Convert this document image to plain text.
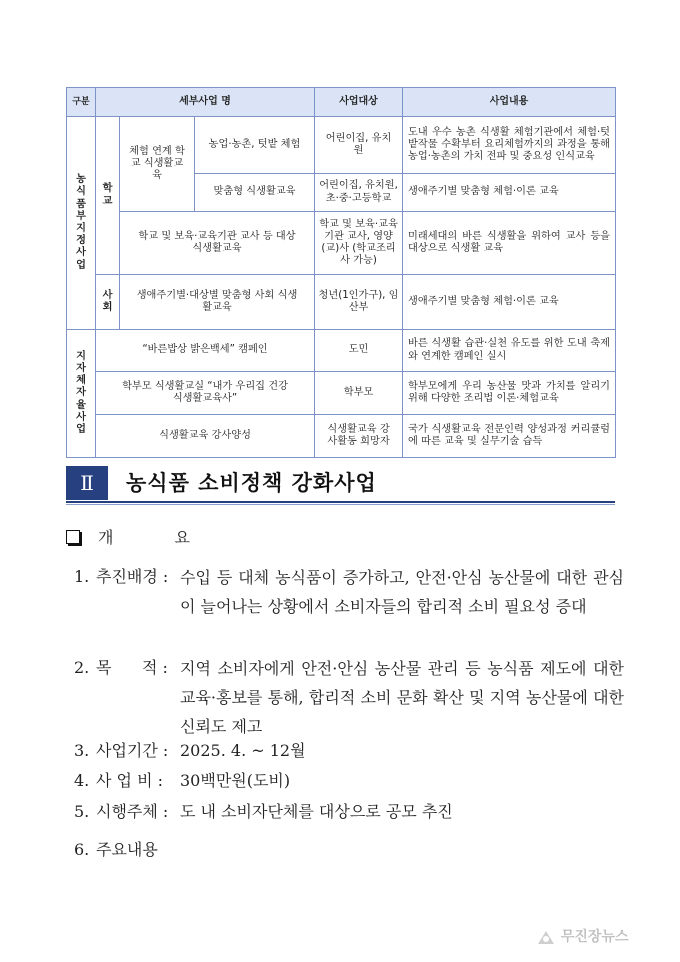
구분	세부사업 명			사업대상	사업내용
농식품부지정사업	학교	체험 연계 학교 식생활교육	농업·농촌, 텃밭 체험	어린이집, 유치원	도내 우수 농촌 식생활 체험기관에서 체험·텃밭작물 수확부터 요리체험까지의 과정을 통해 농업·농촌의 가치 전파 및 중요성 인식교육
			맞춤형 식생활교육	어린이집, 유치원, 초·중·고등학교	생애주기별 맞춤형 체험·이론 교육
		학교 및 보육·교육기관 교사 등 대상 식생활교육		학교 및 보육·교육기관 교사, 영양(교)사 (학교조리사 가능)	미래세대의 바른 식생활을 위하여 교사 등을 대상으로 식생활 교육
	사회	생애주기별·대상별 맞춤형 사회 식생활교육		청년(1인가구), 임산부	생애주기별 맞춤형 체험·이론 교육
지자체자율사업	“바른밥상 밝은백세” 캠페인			도민	바른 식생활 습관·실천 유도를 위한 도내 축제와 연계한 캠페인 실시
	학부모 식생활교실 “내가 우리집 건강식생활교육사”			학부모	학부모에게 우리 농산물 맛과 가치를 알리기 위해 다양한 조리법 이론·체험교육
	식생활교육 강사양성			식생활교육 강사활동 희망자	국가 식생활교육 전문인력 양성과정 커리큘럼에 따른 교육 및 실무기술 습득
Ⅱ	농식품 소비정책 강화사업
개 요
1. 추진배경 : 수입 등 대체 농식품이 증가하고, 안전·안심 농산물에 대한 관심이 늘어나는 상황에서 소비자들의 합리적 소비 필요성 증대
2. 목      적 : 지역 소비자에게 안전·안심 농산물 관리 등 농식품 제도에 대한 교육·홍보를 통해, 합리적 소비 문화 확산 및 지역 농산물에 대한 신뢰도 제고
3. 사업기간 : 2025. 4. ~ 12월
4. 사 업 비 : 30백만원(도비)
5. 시행주체 : 도 내 소비자단체를 대상으로 공모 추진
6. 주요내용
무진장뉴스
